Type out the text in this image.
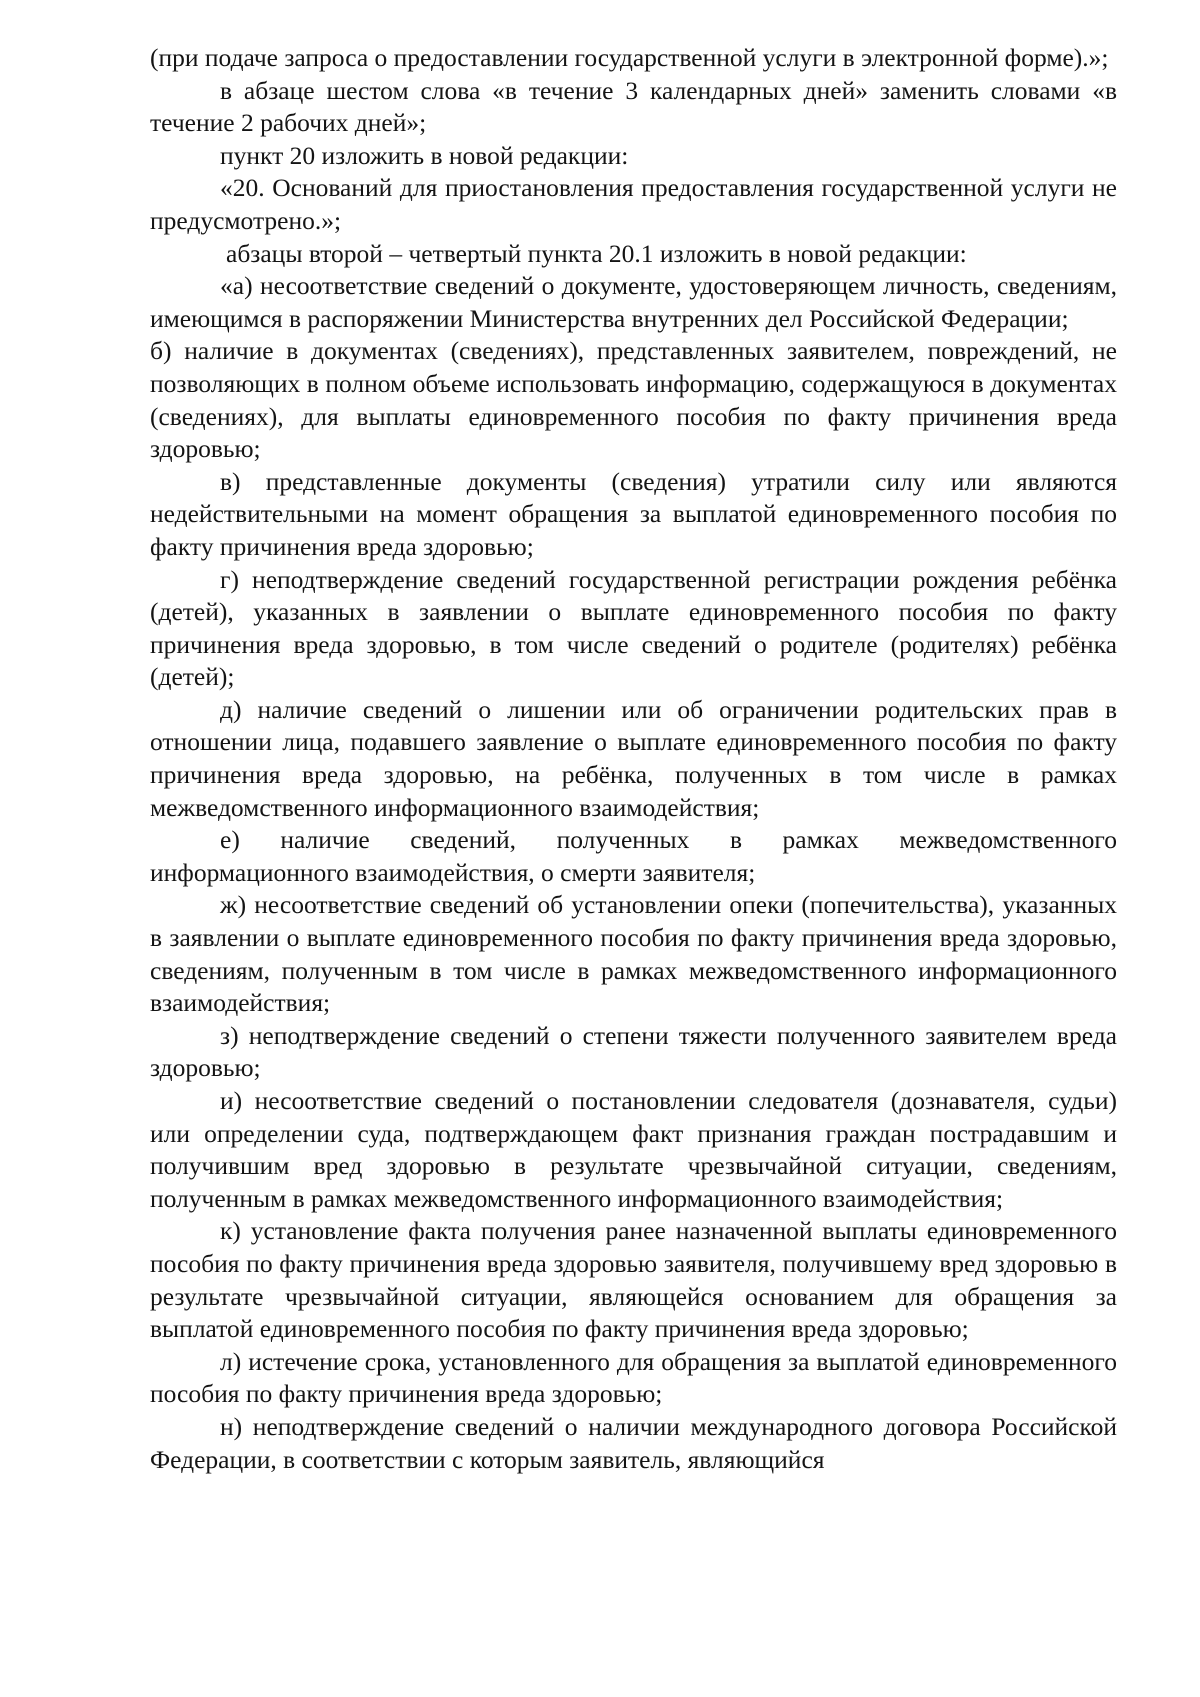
(при подаче запроса о предоставлении государственной услуги в электронной форме).»;

в абзаце шестом слова «в течение 3 календарных дней» заменить словами «в течение 2 рабочих дней»;

пункт 20 изложить в новой редакции:

«20. Оснований для приостановления предоставления государственной услуги не предусмотрено.»;

абзацы второй – четвертый пункта 20.1 изложить в новой редакции:

«а) несоответствие сведений о документе, удостоверяющем личность, сведениям, имеющимся в распоряжении Министерства внутренних дел Российской Федерации;

б) наличие в документах (сведениях), представленных заявителем, повреждений, не позволяющих в полном объеме использовать информацию, содержащуюся в документах (сведениях), для выплаты единовременного пособия по факту причинения вреда здоровью;

в) представленные документы (сведения) утратили силу или являются недействительными на момент обращения за выплатой единовременного пособия по факту причинения вреда здоровью;

г) неподтверждение сведений государственной регистрации рождения ребёнка (детей), указанных в заявлении о выплате единовременного пособия по факту причинения вреда здоровью, в том числе сведений о родителе (родителях) ребёнка (детей);

д) наличие сведений о лишении или об ограничении родительских прав в отношении лица, подавшего заявление о выплате единовременного пособия по факту причинения вреда здоровью, на ребёнка, полученных в том числе в рамках межведомственного информационного взаимодействия;

е) наличие сведений, полученных в рамках межведомственного информационного взаимодействия, о смерти заявителя;

ж) несоответствие сведений об установлении опеки (попечительства), указанных в заявлении о выплате единовременного пособия по факту причинения вреда здоровью, сведениям, полученным в том числе в рамках межведомственного информационного взаимодействия;

з) неподтверждение сведений о степени тяжести полученного заявителем вреда здоровью;

и) несоответствие сведений о постановлении следователя (дознавателя, судьи) или определении суда, подтверждающем факт признания граждан пострадавшим и получившим вред здоровью в результате чрезвычайной ситуации, сведениям, полученным в рамках межведомственного информационного взаимодействия;

к) установление факта получения ранее назначенной выплаты единовременного пособия по факту причинения вреда здоровью заявителя, получившему вред здоровью в результате чрезвычайной ситуации, являющейся основанием для обращения за выплатой единовременного пособия по факту причинения вреда здоровью;

л) истечение срока, установленного для обращения за выплатой единовременного пособия по факту причинения вреда здоровью;

н) неподтверждение сведений о наличии международного договора Российской Федерации, в соответствии с которым заявитель, являющийся
